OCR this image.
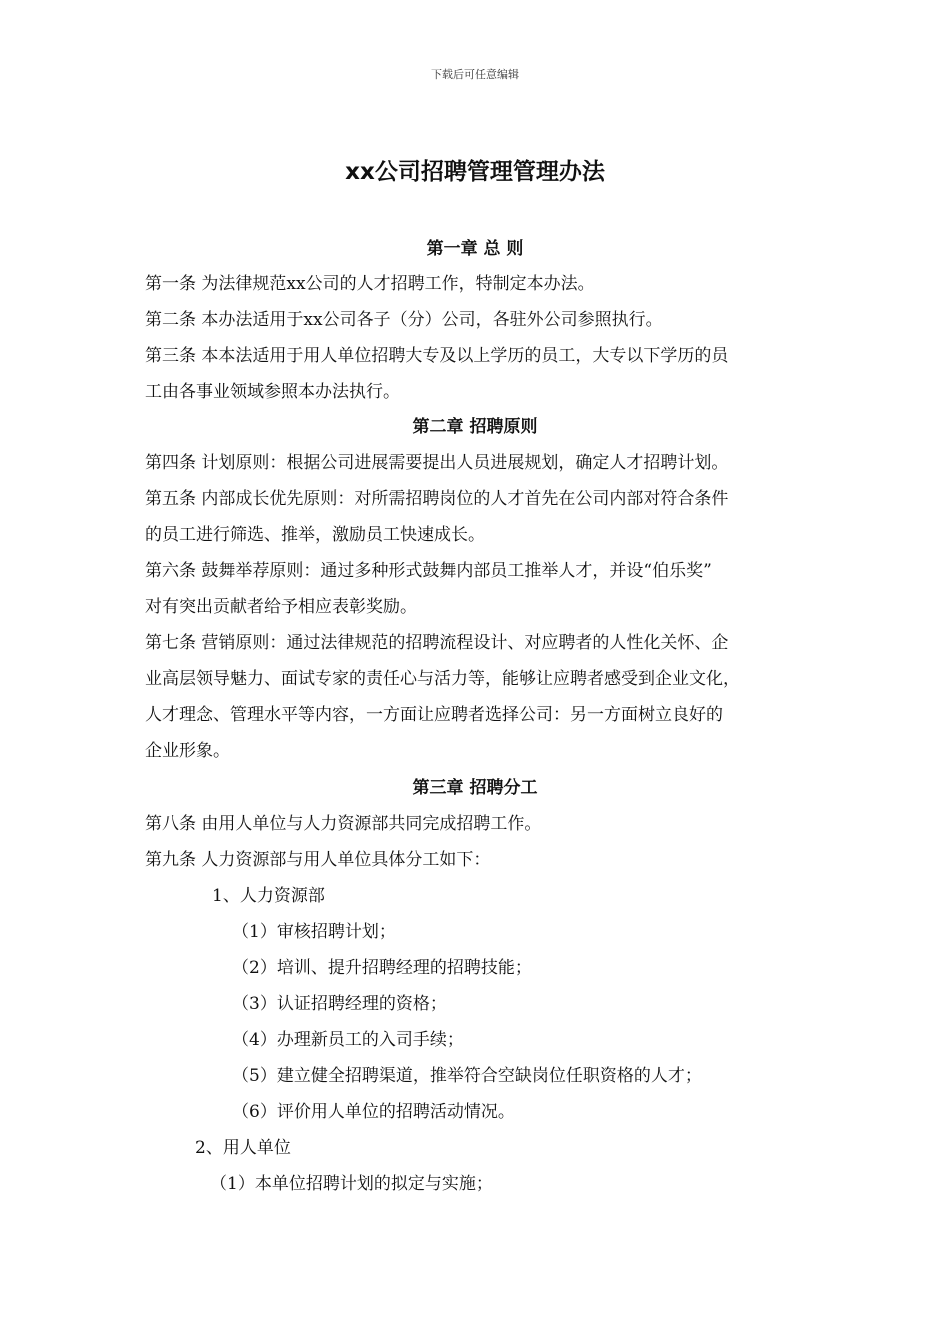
下载后可任意编辑
xx公司招聘管理管理办法
第一章 总 则
第一条 为法律规范xx公司的人才招聘工作，特制定本办法。
第二条 本办法适用于xx公司各子（分）公司，各驻外公司参照执行。
第三条 本本法适用于用人单位招聘大专及以上学历的员工，大专以下学历的员
工由各事业领域参照本办法执行。
第二章 招聘原则
第四条 计划原则：根据公司进展需要提出人员进展规划，确定人才招聘计划。
第五条 内部成长优先原则：对所需招聘岗位的人才首先在公司内部对符合条件
的员工进行筛选、推举，激励员工快速成长。
第六条 鼓舞举荐原则：通过多种形式鼓舞内部员工推举人才，并设“伯乐奖”
对有突出贡献者给予相应表彰奖励。
第七条 营销原则：通过法律规范的招聘流程设计、对应聘者的人性化关怀、企
业高层领导魅力、面试专家的责任心与活力等，能够让应聘者感受到企业文化，
人才理念、管理水平等内容，一方面让应聘者选择公司：另一方面树立良好的
企业形象。
第三章 招聘分工
第八条 由用人单位与人力资源部共同完成招聘工作。
第九条 人力资源部与用人单位具体分工如下：
1、人力资源部
（1）审核招聘计划；
（2）培训、提升招聘经理的招聘技能；
（3）认证招聘经理的资格；
（4）办理新员工的入司手续；
（5）建立健全招聘渠道，推举符合空缺岗位任职资格的人才；
（6）评价用人单位的招聘活动情况。
2、用人单位
（1）本单位招聘计划的拟定与实施；
